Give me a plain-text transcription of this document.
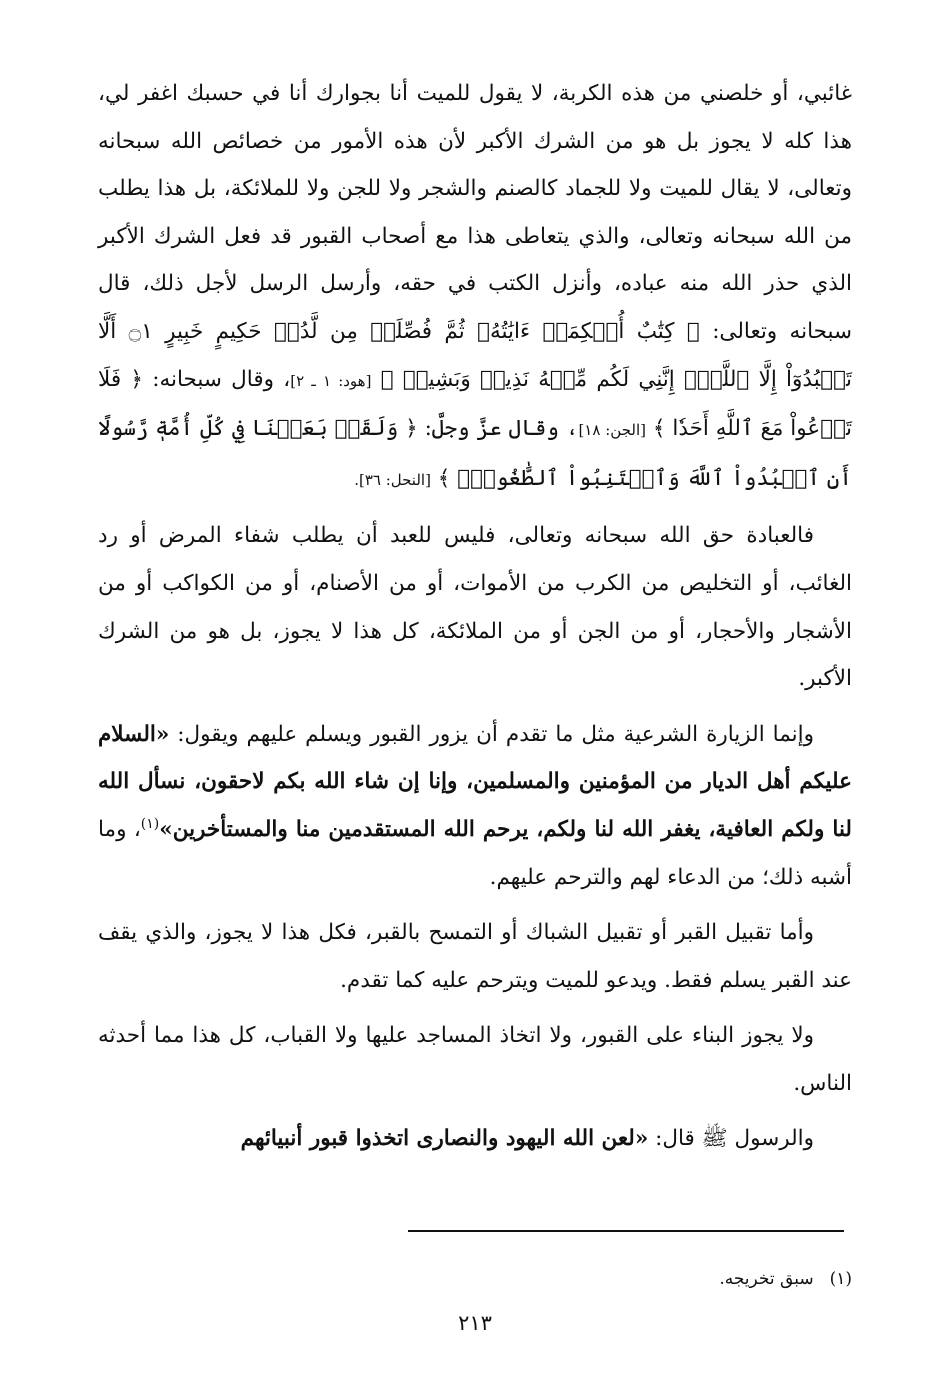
غائبي، أو خلصني من هذه الكربة، لا يقول للميت أنا بجوارك أنا في حسبك اغفر لي، هذا كله لا يجوز بل هو من الشرك الأكبر لأن هذه الأمور من خصائص الله سبحانه وتعالى، لا يقال للميت ولا للجماد كالصنم والشجر ولا للجن ولا للملائكة، بل هذا يطلب من الله سبحانه وتعالى، والذي يتعاطى هذا مع أصحاب القبور قد فعل الشرك الأكبر الذي حذر الله منه عباده، وأنزل الكتب في حقه، وأرسل الرسل لأجل ذلك، قال سبحانه وتعالى: ﴿ كِتَٰبٌ أُحۡكِمَتۡ ءَايَٰتُهُۥ ثُمَّ فُصِّلَتۡ مِن لَّدُنۡ حَكِيمٍ خَبِيرٍ ۝١ أَلَّا تَعۡبُدُوٓاْ إِلَّا ٱللَّهَۚ إِنَّنِي لَكُم مِّنۡهُ نَذِيرٞ وَبَشِيرٞ ﴾ [هود: ١ ـ ٢]، وقال سبحانه: ﴿ فَلَا تَدۡعُواْ مَعَ ٱللَّهِ أَحَدٗا ﴾ [الجن: ١٨]، وقال عزَّ وجلَّ: ﴿ وَلَقَدۡ بَعَثۡنَا فِي كُلِّ أُمَّةٖ رَّسُولًا أَنِ ٱعۡبُدُواْ ٱللَّهَ وَٱجۡتَنِبُواْ ٱلطَّٰغُوتَۖ ﴾ [النحل: ٣٦].

فالعبادة حق الله سبحانه وتعالى، فليس للعبد أن يطلب شفاء المرض أو رد الغائب، أو التخليص من الكرب من الأموات، أو من الأصنام، أو من الكواكب أو من الأشجار والأحجار، أو من الجن أو من الملائكة، كل هذا لا يجوز، بل هو من الشرك الأكبر.

وإنما الزيارة الشرعية مثل ما تقدم أن يزور القبور ويسلم عليهم ويقول: «السلام عليكم أهل الديار من المؤمنين والمسلمين، وإنا إن شاء الله بكم لاحقون، نسأل الله لنا ولكم العافية، يغفر الله لنا ولكم، يرحم الله المستقدمين منا والمستأخرين»$^{(١)}$، وما أشبه ذلك؛ من الدعاء لهم والترحم عليهم.

وأما تقبيل القبر أو تقبيل الشباك أو التمسح بالقبر، فكل هذا لا يجوز، والذي يقف عند القبر يسلم فقط. ويدعو للميت ويترحم عليه كما تقدم.

ولا يجوز البناء على القبور، ولا اتخاذ المساجد عليها ولا القباب، كل هذا مما أحدثه الناس.

والرسول ﷺ قال: «لعن الله اليهود والنصارى اتخذوا قبور أنبيائهم

(١)سبق تخريجه.
٢١٣
